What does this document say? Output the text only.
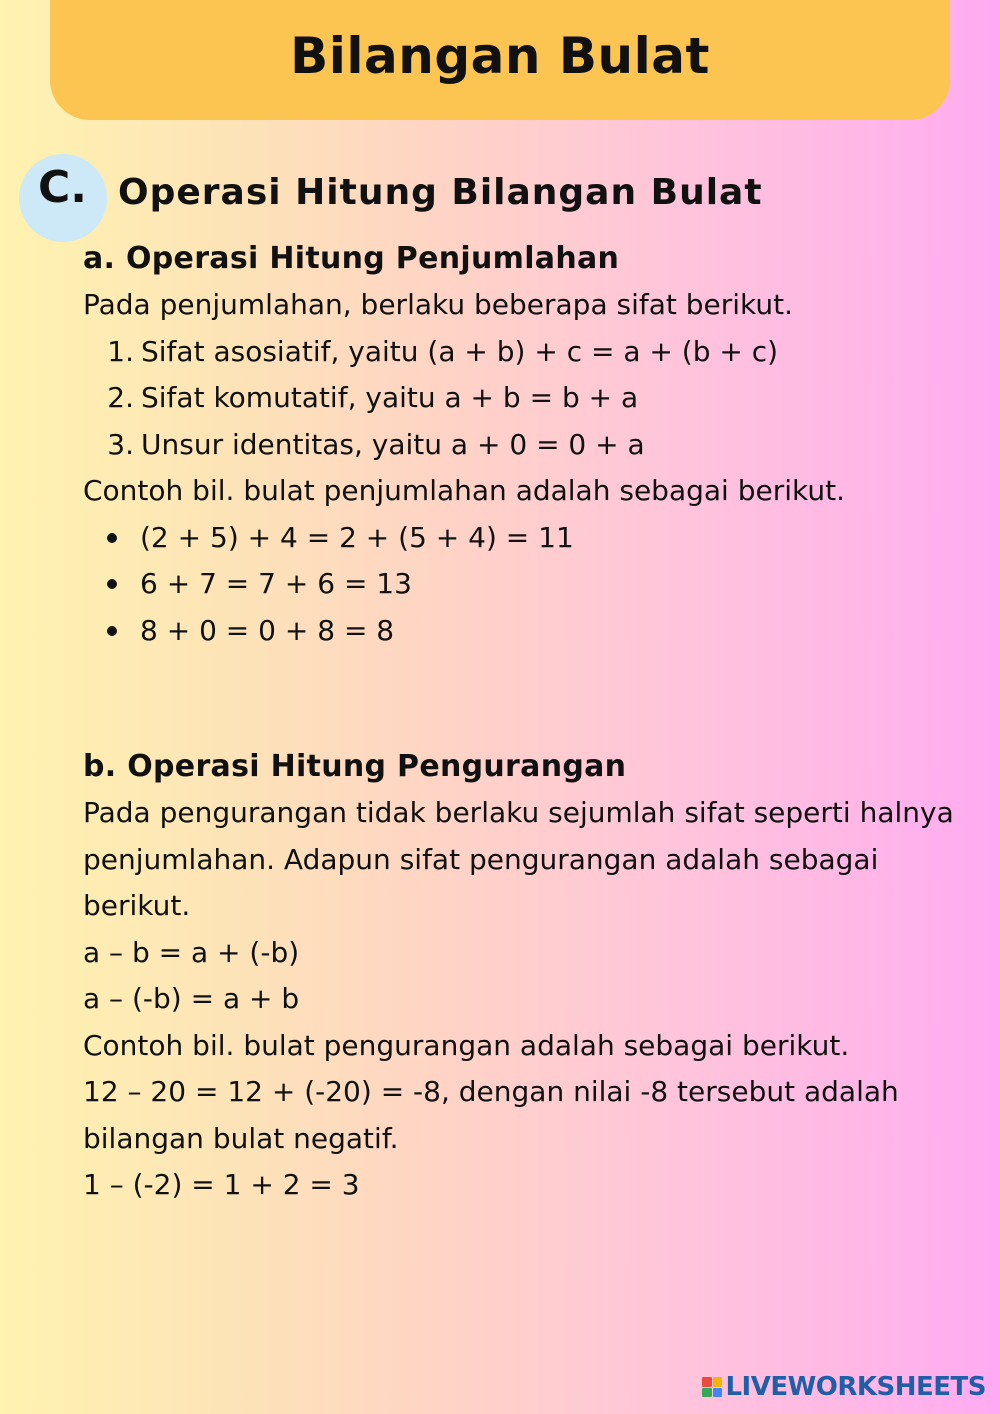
Bilangan Bulat
C. Operasi Hitung Bilangan Bulat

a. Operasi Hitung Penjumlahan

Pada penjumlahan, berlaku beberapa sifat berikut.

1. Sifat asosiatif, yaitu (a + b) + c = a + (b + c)
2. Sifat komutatif, yaitu a + b = b + a
3. Unsur identitas, yaitu a + 0 = 0 + a

Contoh bil. bulat penjumlahan adalah sebagai berikut.

(2 + 5) + 4 = 2 + (5 + 4) = 11
6 + 7 = 7 + 6 = 13
8 + 0 = 0 + 8 = 8

b. Operasi Hitung Pengurangan

Pada pengurangan tidak berlaku sejumlah sifat seperti halnya

penjumlahan. Adapun sifat pengurangan adalah sebagai

berikut.

a – b = a + (-b)

a – (-b) = a + b

Contoh bil. bulat pengurangan adalah sebagai berikut.

12 – 20 = 12 + (-20) = -8, dengan nilai -8 tersebut adalah

bilangan bulat negatif.

1 – (-2) = 1 + 2 = 3

LIVEWORKSHEETS
